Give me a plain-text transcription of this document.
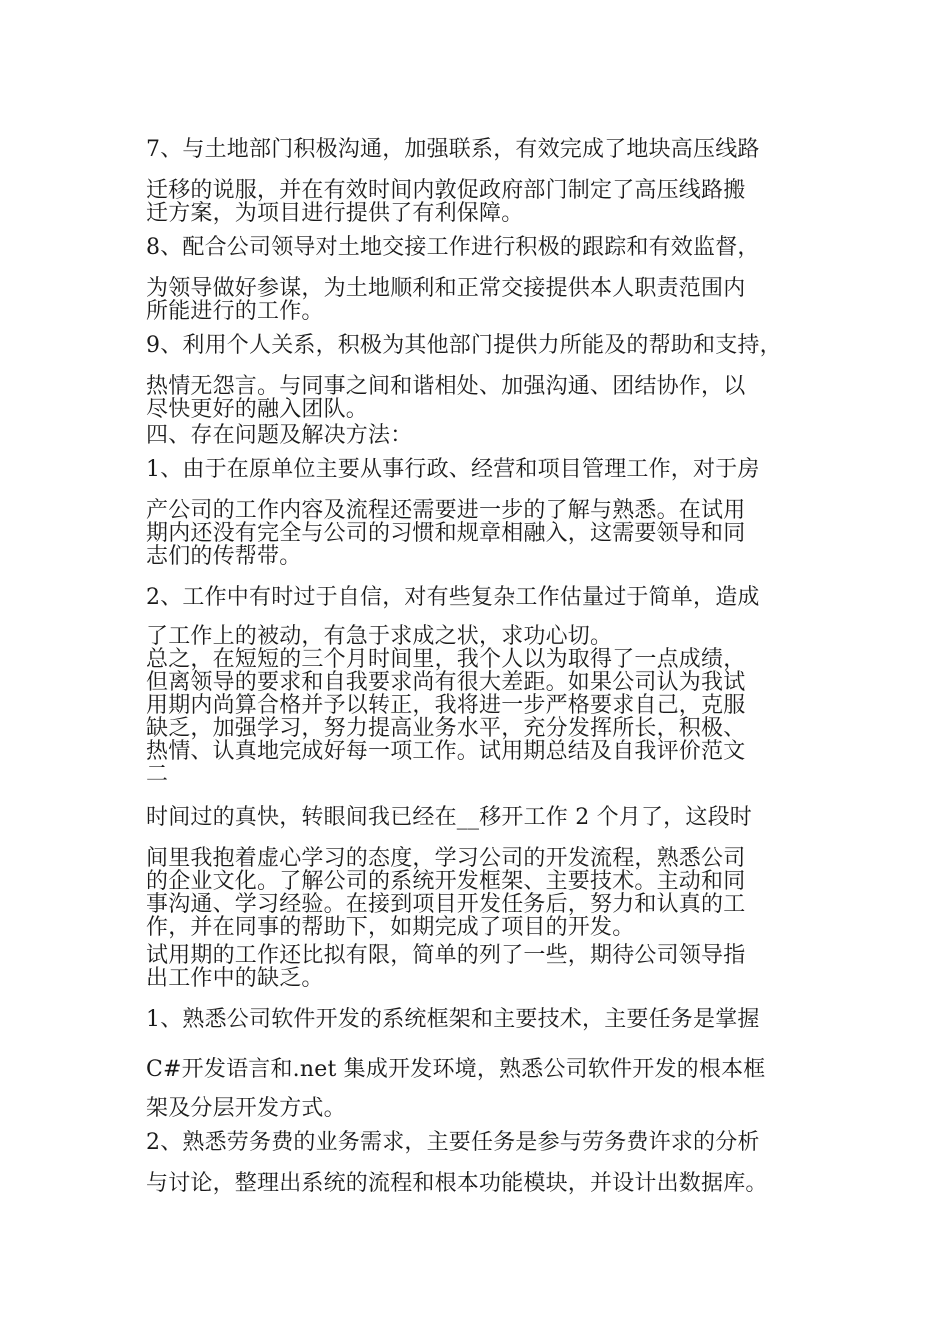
7、与土地部门积极沟通，加强联系，有效完成了地块高压线路
迁移的说服，并在有效时间内敦促政府部门制定了高压线路搬
迁方案，为项目进行提供了有利保障。
8、配合公司领导对土地交接工作进行积极的跟踪和有效监督，
为领导做好参谋，为土地顺利和正常交接提供本人职责范围内
所能进行的工作。
9、利用个人关系，积极为其他部门提供力所能及的帮助和支持，
热情无怨言。与同事之间和谐相处、加强沟通、团结协作，以
尽快更好的融入团队。
四、存在问题及解决方法：
1、由于在原单位主要从事行政、经营和项目管理工作，对于房
产公司的工作内容及流程还需要进一步的了解与熟悉。在试用
期内还没有完全与公司的习惯和规章相融入，这需要领导和同
志们的传帮带。
2、工作中有时过于自信，对有些复杂工作估量过于简单，造成
了工作上的被动，有急于求成之状，求功心切。
总之，在短短的三个月时间里，我个人以为取得了一点成绩，
但离领导的要求和自我要求尚有很大差距。如果公司认为我试
用期内尚算合格并予以转正，我将进一步严格要求自己，克服
缺乏，加强学习，努力提高业务水平，充分发挥所长，积极、
热情、认真地完成好每一项工作。试用期总结及自我评价范文
二
时间过的真快，转眼间我已经在__移开工作 2 个月了，这段时
间里我抱着虚心学习的态度，学习公司的开发流程，熟悉公司
的企业文化。了解公司的系统开发框架、主要技术。主动和同
事沟通、学习经验。在接到项目开发任务后，努力和认真的工
作，并在同事的帮助下，如期完成了项目的开发。
试用期的工作还比拟有限，简单的列了一些，期待公司领导指
出工作中的缺乏。
1、熟悉公司软件开发的系统框架和主要技术，主要任务是掌握
C#开发语言和.net 集成开发环境，熟悉公司软件开发的根本框
架及分层开发方式。
2、熟悉劳务费的业务需求，主要任务是参与劳务费许求的分析
与讨论，整理出系统的流程和根本功能模块，并设计出数据库。
